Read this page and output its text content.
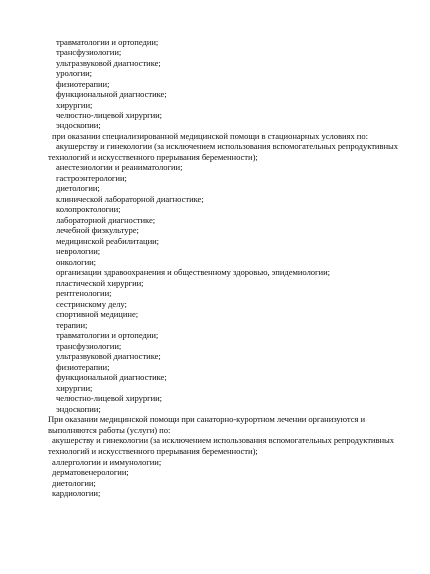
травматологии и ортопедии;
трансфузиологии;
ультразвуковой диагностике;
урологии;
физиотерапии;
функциональной диагностике;
хирургии;
челюстно-лицевой хирургии;
эндоскопии;
при оказании специализированной медицинской помощи в стационарных условиях по:
акушерству и гинекологии (за исключением использования вспомогательных репродуктивных
технологий и искусственного прерывания беременности);
анестезиологии и реаниматологии;
гастроэнтерологии;
диетологии;
клинической лабораторной диагностике;
колопроктологии;
лабораторной диагностике;
лечебной физкультуре;
медицинской реабилитации;
неврологии;
онкологии;
организации здравоохранения и общественному здоровью, эпидемиологии;
пластической хирургии;
рентгенологии;
сестринскому делу;
спортивной медицине;
терапии;
травматологии и ортопедии;
трансфузиологии;
ультразвуковой диагностике;
физиотерапии;
функциональной диагностике;
хирургии;
челюстно-лицевой хирургии;
эндоскопии;
При оказании медицинской помощи при санаторно-курортном лечении организуются и
выполняются работы (услуги) по:
акушерству и гинекологии (за исключением использования вспомогательных репродуктивных
технологий и искусственного прерывания беременности);
аллергологии и иммунологии;
дерматовенерологии;
диетологии;
кардиологии;
